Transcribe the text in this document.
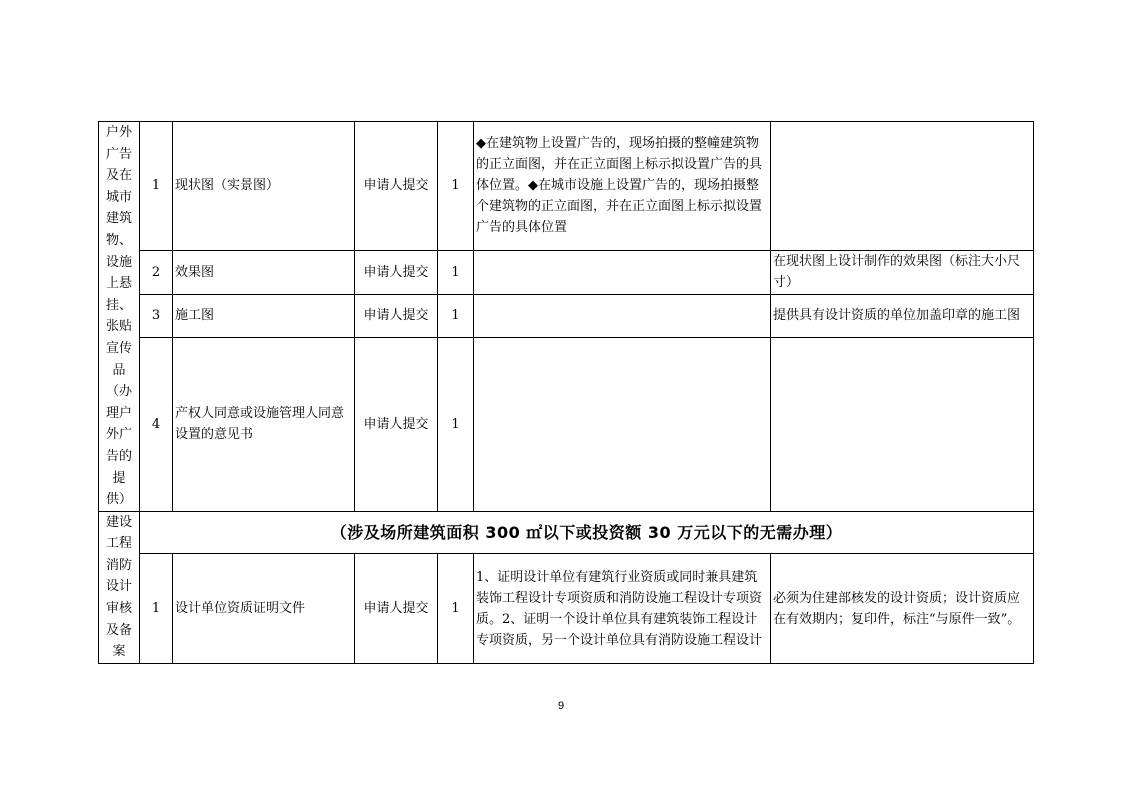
户外广告及在城市建筑物、设施上悬挂、张贴宣传品（办理户外广告的提供）	1	现状图（实景图）	申请人提交	1	◆在建筑物上设置广告的，现场拍摄的整幢建筑物的正立面图，并在正立面图上标示拟设置广告的具体位置。◆在城市设施上设置广告的，现场拍摄整个建筑物的正立面图，并在正立面图上标示拟设置广告的具体位置	
	2	效果图	申请人提交	1		在现状图上设计制作的效果图（标注大小尺寸）
	3	施工图	申请人提交	1		提供具有设计资质的单位加盖印章的施工图
	4	产权人同意或设施管理人同意设置的意见书	申请人提交	1		
建设工程消防设计审核及备案	（涉及场所建筑面积 300 ㎡以下或投资额 30 万元以下的无需办理）					
	1	设计单位资质证明文件	申请人提交	1	1、证明设计单位有建筑行业资质或同时兼具建筑装饰工程设计专项资质和消防设施工程设计专项资质。2、证明一个设计单位具有建筑装饰工程设计专项资质，另一个设计单位具有消防设施工程设计	必须为住建部核发的设计资质；设计资质应在有效期内；复印件，标注“与原件一致”。
9
